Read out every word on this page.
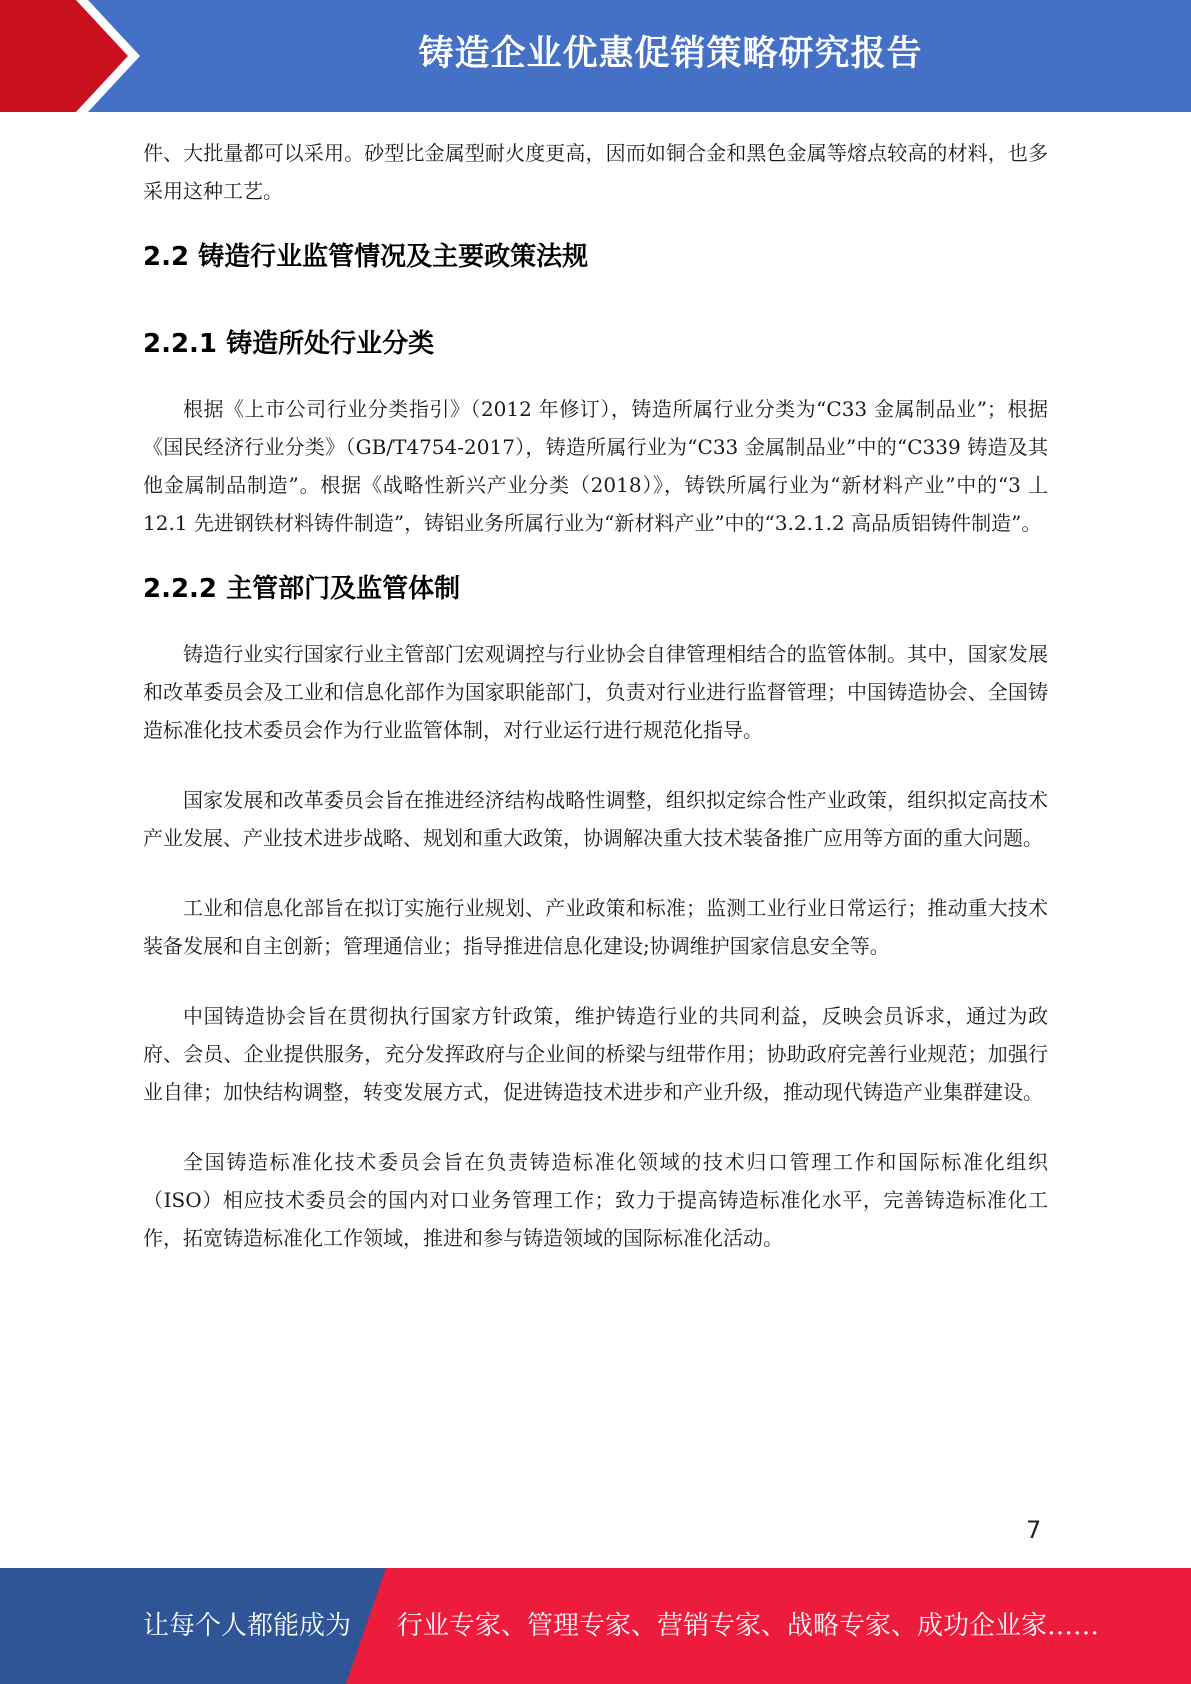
铸造企业优惠促销策略研究报告

件、大批量都可以采用。砂型比金属型耐火度更高，因而如铜合金和黑色金属等熔点较高的材料，也多采用这种工艺。

2.2 铸造行业监管情况及主要政策法规
2.2.1 铸造所处行业分类

根据《上市公司行业分类指引》（2012 年修订），铸造所属行业分类为“C33 金属制品业”；根据《国民经济行业分类》（GB/T4754-2017），铸造所属行业为“C33 金属制品业”中的“C339 铸造及其他金属制品制造”。根据《战略性新兴产业分类（2018）》，铸铁所属行业为“新材料产业”中的“3 丄 12.1 先进钢铁材料铸件制造”，铸铝业务所属行业为“新材料产业”中的“3.2.1.2 高品质铝铸件制造”。

2.2.2 主管部门及监管体制

铸造行业实行国家行业主管部门宏观调控与行业协会自律管理相结合的监管体制。其中，国家发展和改革委员会及工业和信息化部作为国家职能部门，负责对行业进行监督管理；中国铸造协会、全国铸造标准化技术委员会作为行业监管体制，对行业运行进行规范化指导。

国家发展和改革委员会旨在推进经济结构战略性调整，组织拟定综合性产业政策，组织拟定高技术产业发展、产业技术进步战略、规划和重大政策，协调解决重大技术装备推广应用等方面的重大问题。

工业和信息化部旨在拟订实施行业规划、产业政策和标准；监测工业行业日常运行；推动重大技术装备发展和自主创新；管理通信业；指导推进信息化建设;协调维护国家信息安全等。

中国铸造协会旨在贯彻执行国家方针政策，维护铸造行业的共同利益，反映会员诉求，通过为政府、会员、企业提供服务，充分发挥政府与企业间的桥梁与纽带作用；协助政府完善行业规范；加强行业自律；加快结构调整，转变发展方式，促进铸造技术进步和产业升级，推动现代铸造产业集群建设。

全国铸造标准化技术委员会旨在负责铸造标准化领域的技术归口管理工作和国际标准化组织（ISO）相应技术委员会的国内对口业务管理工作；致力于提高铸造标准化水平，完善铸造标准化工作，拓宽铸造标准化工作领域，推进和参与铸造领域的国际标准化活动。

7
让每个人都能成为 行业专家、管理专家、营销专家、战略专家、成功企业家……
